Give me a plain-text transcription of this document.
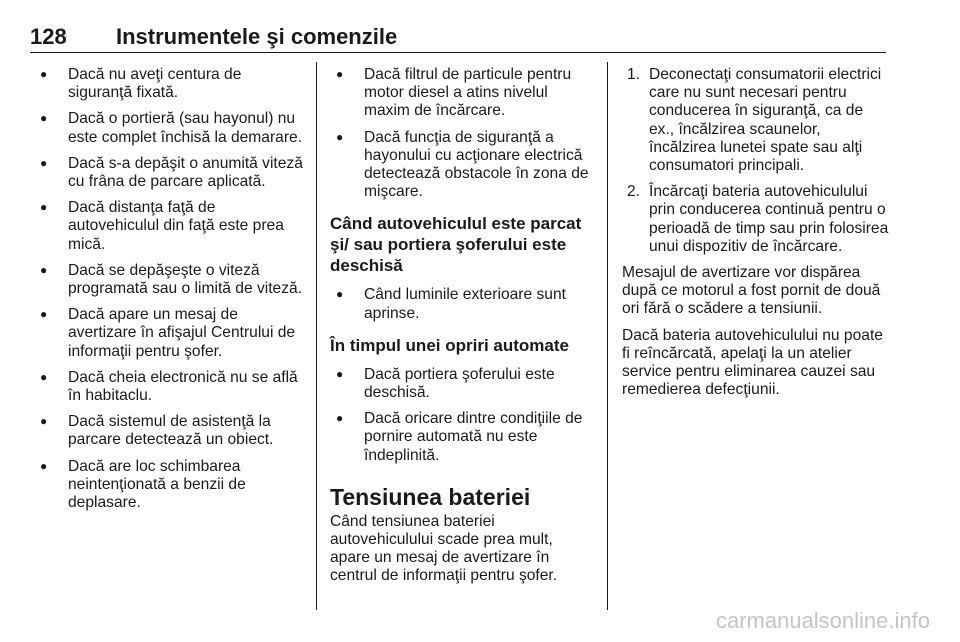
128 Instrumentele şi comenzile
● Dacă nu aveţi centura de siguranţă fixată.
● Dacă o portieră (sau hayonul) nu este complet închisă la demarare.
● Dacă s-a depăşit o anumită viteză cu frâna de parcare aplicată.
● Dacă distanţa faţă de autovehiculul din faţă este prea mică.
● Dacă se depăşeşte o viteză programată sau o limită de viteză.
● Dacă apare un mesaj de avertizare în afişajul Centrului de informaţii pentru şofer.
● Dacă cheia electronică nu se află în habitaclu.
● Dacă sistemul de asistenţă la parcare detectează un obiect.
● Dacă are loc schimbarea neintenţionată a benzii de deplasare.
● Dacă filtrul de particule pentru motor diesel a atins nivelul maxim de încărcare.
● Dacă funcţia de siguranţă a hayonului cu acţionare electrică detectează obstacole în zona de mişcare.
Când autovehiculul este parcat şi/ sau portiera şoferului este deschisă
● Când luminile exterioare sunt aprinse.
În timpul unei opriri automate
● Dacă portiera şoferului este deschisă.
● Dacă oricare dintre condiţiile de pornire automată nu este îndeplinită.
Tensiunea bateriei

Când tensiunea bateriei autovehiculului scade prea mult, apare un mesaj de avertizare în centrul de informaţii pentru şofer.

1. Deconectaţi consumatorii electrici care nu sunt necesari pentru conducerea în siguranţă, ca de ex., încălzirea scaunelor, încălzirea lunetei spate sau alţi consumatori principali.
2. Încărcaţi bateria autovehiculului prin conducerea continuă pentru o perioadă de timp sau prin folosirea unui dispozitiv de încărcare.

Mesajul de avertizare vor dispărea după ce motorul a fost pornit de două ori fără o scădere a tensiunii.

Dacă bateria autovehiculului nu poate fi reîncărcată, apelaţi la un atelier service pentru eliminarea cauzei sau remedierea defecţiunii.

carmanualsonline.info
